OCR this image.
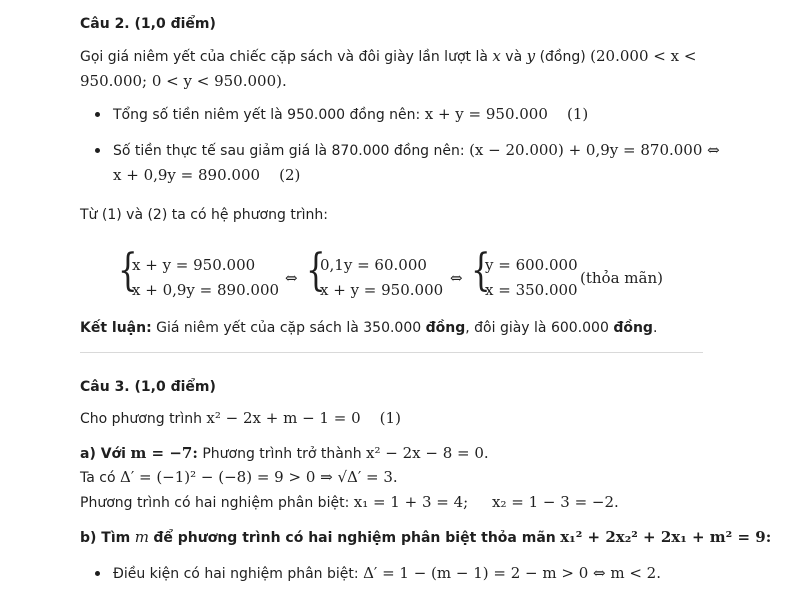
Câu 2. (1,0 điểm)
Gọi giá niêm yết của chiếc cặp sách và đôi giày lần lượt là x và y (đồng) (20.000 < x <
950.000; 0 < y < 950.000).
Tổng số tiền niêm yết là 950.000 đồng nên: x + y = 950.000    (1)
Số tiền thực tế sau giảm giá là 870.000 đồng nên: (x − 20.000) + 0,9y = 870.000 ⇔
x + 0,9y = 890.000    (2)
Từ (1) và (2) ta có hệ phương trình:
{
x + y = 950.000
x + 0,9y = 890.000
⇔ {
0,1y = 60.000
x + y = 950.000
⇔ {
y = 600.000
x = 350.000
(thỏa mãn)
Kết luận: Giá niêm yết của cặp sách là 350.000 đồng, đôi giày là 600.000 đồng.
Câu 3. (1,0 điểm)
Cho phương trình x² − 2x + m − 1 = 0    (1)
a) Với m = −7: Phương trình trở thành x² − 2x − 8 = 0.
Ta có Δ′ = (−1)² − (−8) = 9 > 0 ⇒ √Δ′ = 3.
Phương trình có hai nghiệm phân biệt: x₁ = 1 + 3 = 4;     x₂ = 1 − 3 = −2.
b) Tìm m để phương trình có hai nghiệm phân biệt thỏa mãn x₁² + 2x₂² + 2x₁ + m² = 9:
Điều kiện có hai nghiệm phân biệt: Δ′ = 1 − (m − 1) = 2 − m > 0 ⇔ m < 2.
